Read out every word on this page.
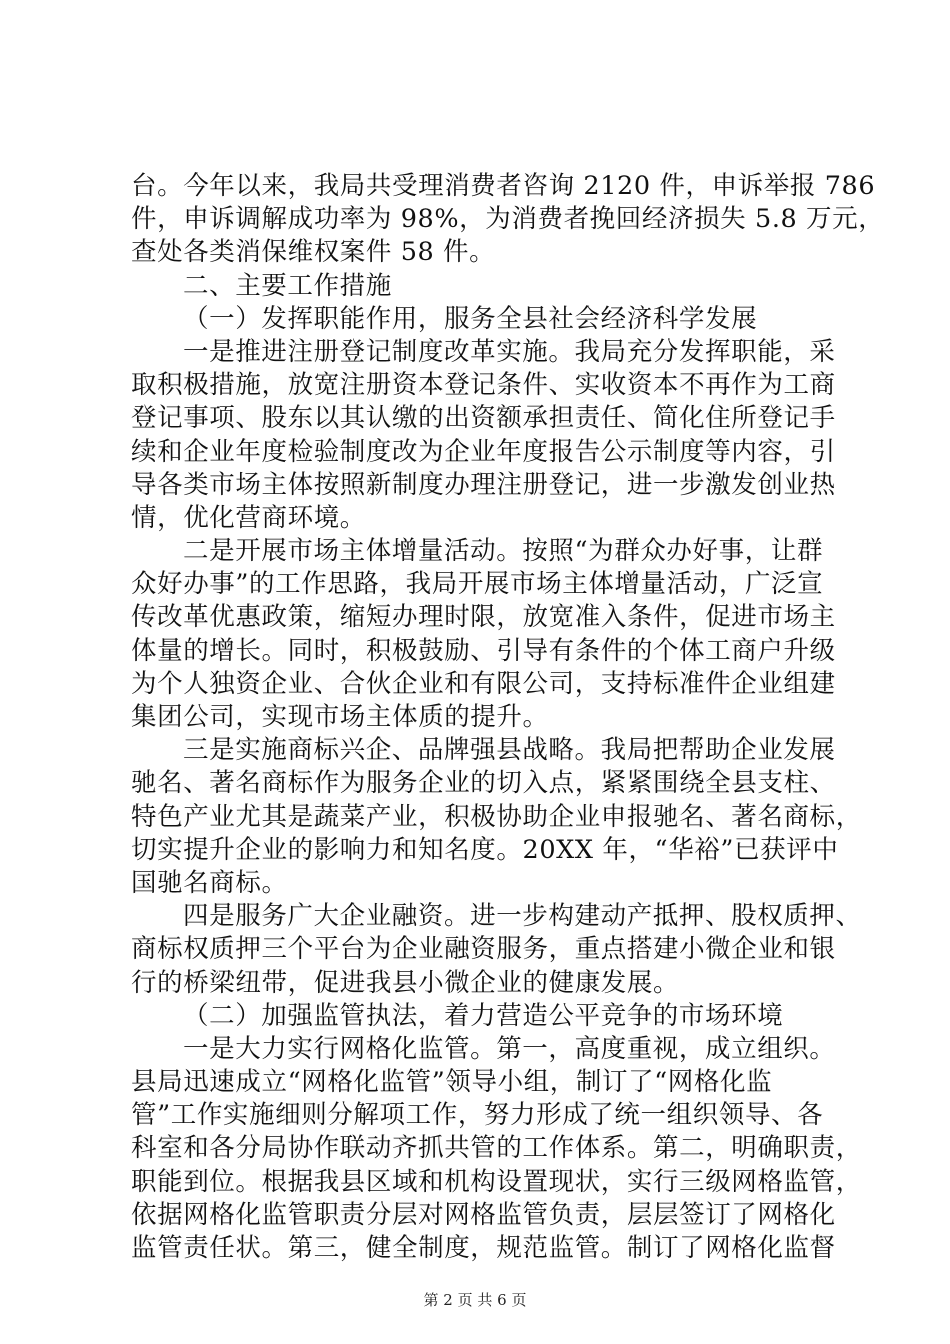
台。今年以来，我局共受理消费者咨询 2120 件，申诉举报 786
件，申诉调解成功率为 98%，为消费者挽回经济损失 5.8 万元，
查处各类消保维权案件 58 件。
二、主要工作措施
（一）发挥职能作用，服务全县社会经济科学发展
一是推进注册登记制度改革实施。我局充分发挥职能，采
取积极措施，放宽注册资本登记条件、实收资本不再作为工商
登记事项、股东以其认缴的出资额承担责任、简化住所登记手
续和企业年度检验制度改为企业年度报告公示制度等内容，引
导各类市场主体按照新制度办理注册登记，进一步激发创业热
情，优化营商环境。
二是开展市场主体增量活动。按照“为群众办好事，让群
众好办事”的工作思路，我局开展市场主体增量活动，广泛宣
传改革优惠政策，缩短办理时限，放宽准入条件，促进市场主
体量的增长。同时，积极鼓励、引导有条件的个体工商户升级
为个人独资企业、合伙企业和有限公司，支持标准件企业组建
集团公司，实现市场主体质的提升。
三是实施商标兴企、品牌强县战略。我局把帮助企业发展
驰名、著名商标作为服务企业的切入点，紧紧围绕全县支柱、
特色产业尤其是蔬菜产业，积极协助企业申报驰名、著名商标，
切实提升企业的影响力和知名度。20XX 年，“华裕”已获评中
国驰名商标。
四是服务广大企业融资。进一步构建动产抵押、股权质押、
商标权质押三个平台为企业融资服务，重点搭建小微企业和银
行的桥梁纽带，促进我县小微企业的健康发展。
（二）加强监管执法，着力营造公平竞争的市场环境
一是大力实行网格化监管。第一，高度重视，成立组织。
县局迅速成立“网格化监管”领导小组，制订了“网格化监
管”工作实施细则分解项工作，努力形成了统一组织领导、各
科室和各分局协作联动齐抓共管的工作体系。第二，明确职责，
职能到位。根据我县区域和机构设置现状，实行三级网格监管，
依据网格化监管职责分层对网格监管负责，层层签订了网格化
监管责任状。第三，健全制度，规范监管。制订了网格化监督
第 2 页 共 6 页
